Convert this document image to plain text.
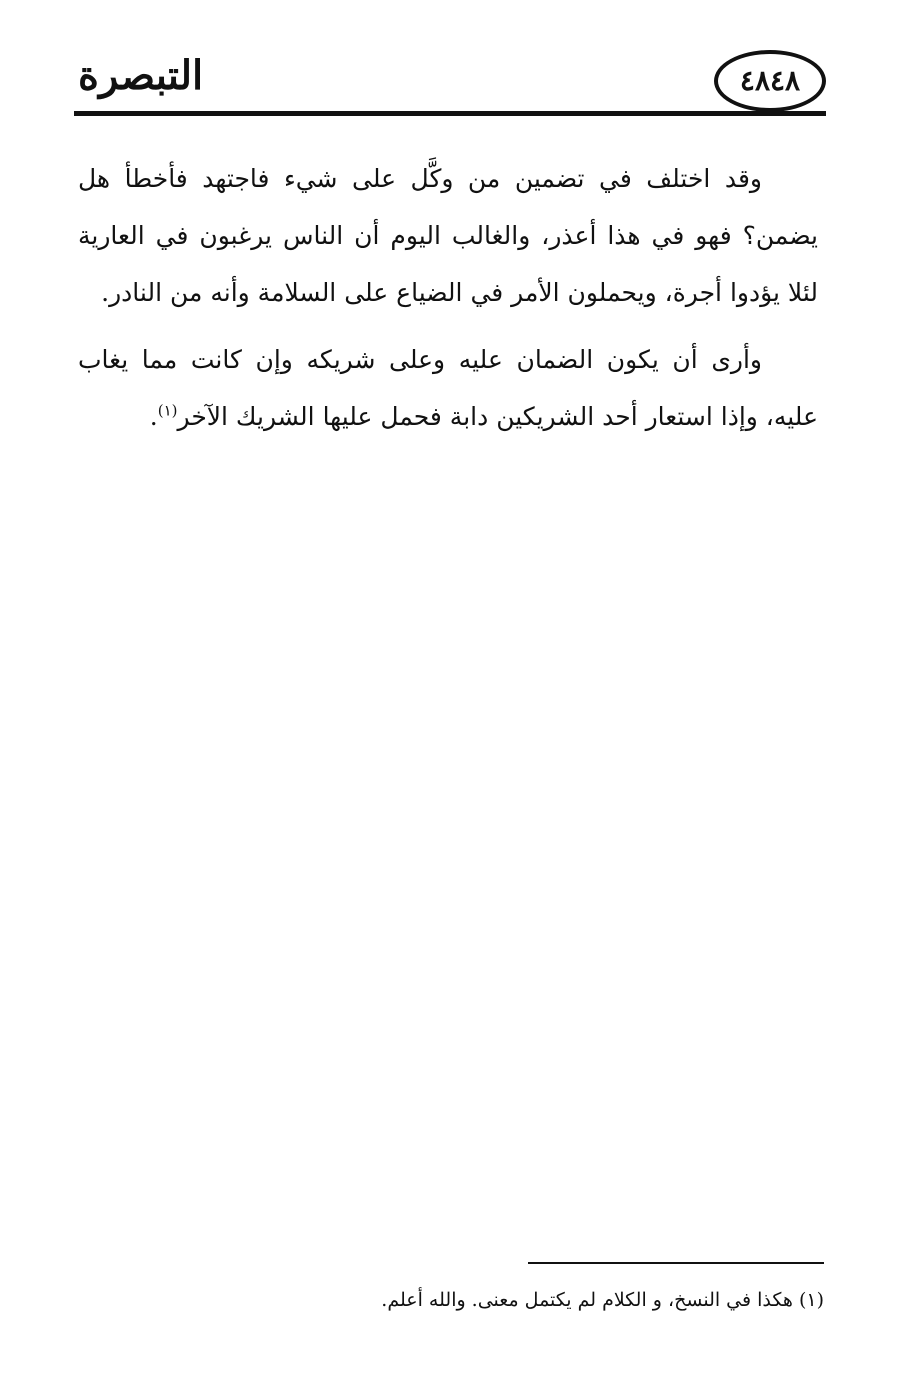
التبصرة	٤٨٤٨

وقد اختلف في تضمين من وكَّل على شيء فاجتهد فأخطأ هل يضمن؟ فهو في هذا أعذر، والغالب اليوم أن الناس يرغبون في العارية لئلا يؤدوا أجرة، ويحملون الأمر في الضياع على السلامة وأنه من النادر.

وأرى أن يكون الضمان عليه وعلى شريكه وإن كانت مما يغاب عليه، وإذا استعار أحد الشريكين دابة فحمل عليها الشريك الآخر$^{(١)}$.

(١) هكذا في النسخ، و الكلام لم يكتمل معنى. والله أعلم.
